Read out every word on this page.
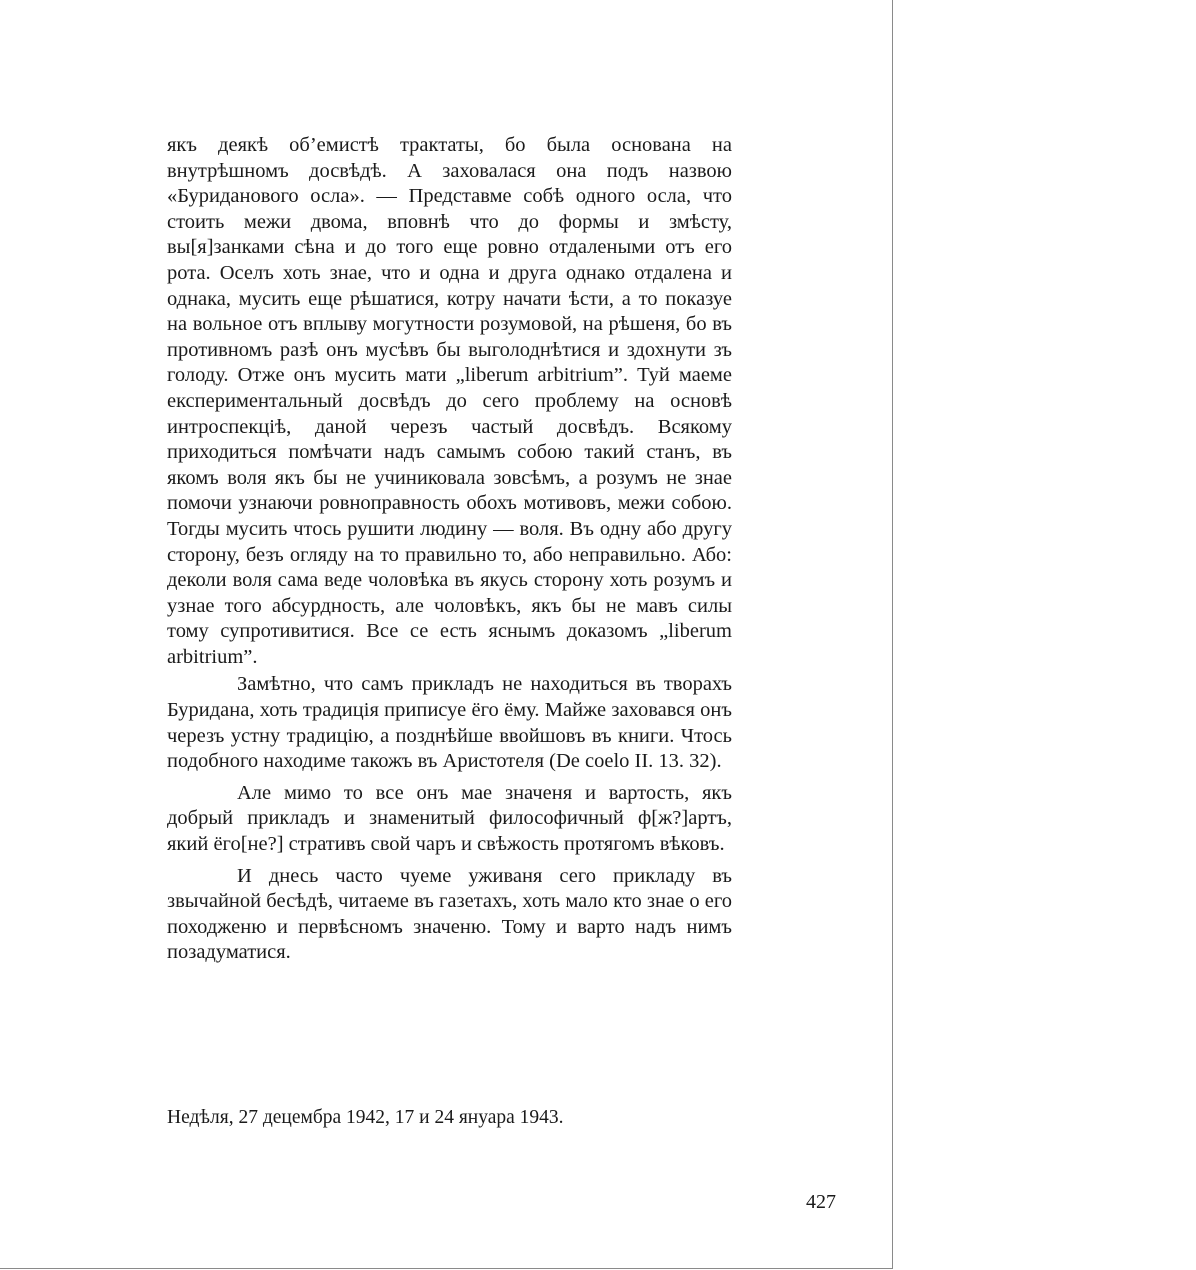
якъ деякѣ об’емистѣ трактаты, бо была основана на внутрѣшномъ досвѣдѣ. А заховалася она подъ назвою «Буриданового осла». — Представме собѣ одного осла, что стоить межи двома, вповнѣ что до формы и змѣсту, вы[я]занками сѣна и до того еще ровно отдалеными отъ его рота. Оселъ хоть знае, что и одна и друга однако отдалена и однака, мусить еще рѣшатися, котру начати ѣсти, а то показуе на вольное отъ вплыву могутности розумовой, на рѣшеня, бо въ противномъ разѣ онъ мусѣвъ бы выголоднѣтися и здохнути зъ голоду. Отже онъ мусить мати „liberum arbitrium”. Туй маеме експериментальный досвѣдъ до сего проблему на основѣ интроспекціѣ, даной черезъ частый досвѣдъ. Всякому приходиться помѣчати надъ самымъ собою такий станъ, въ якомъ воля якъ бы не учиниковала зовсѣмъ, а розумъ не знае помочи узнаючи ровноправность обохъ мотивовъ, межи собою. Тогды мусить чтось рушити людину — воля. Въ одну або другу сторону, безъ огляду на то правильно то, або неправильно. Або: деколи воля сама веде чоловѣка въ якусь сторону хоть розумъ и узнае того абсурдность, але чоловѣкъ, якъ бы не мавъ силы тому супротивитися. Все се есть яснымъ доказомъ „liberum arbitrium”.

Замѣтно, что самъ прикладъ не находиться въ творахъ Буридана, хоть традиція приписуе ёго ёму. Майже заховався онъ черезъ устну традицію, а позднѣйше ввойшовъ въ книги. Чтось подобного находиме такожъ въ Аристотеля (De coelo II. 13. 32).

Але мимо то все онъ мае значеня и вартость, якъ добрый прикладъ и знаменитый философичный ф[ж?]артъ, який ёго[не?] стративъ свой чаръ и свѣжость протягомъ вѣковъ.

И днесь часто чуеме уживаня сего прикладу въ звычайной бесѣдѣ, читаеме въ газетахъ, хоть мало кто знае о его походженю и первѣсномъ значеню. Тому и варто надъ нимъ позадуматися.

Недѣля, 27 децембра 1942, 17 и 24 януара 1943.
427
